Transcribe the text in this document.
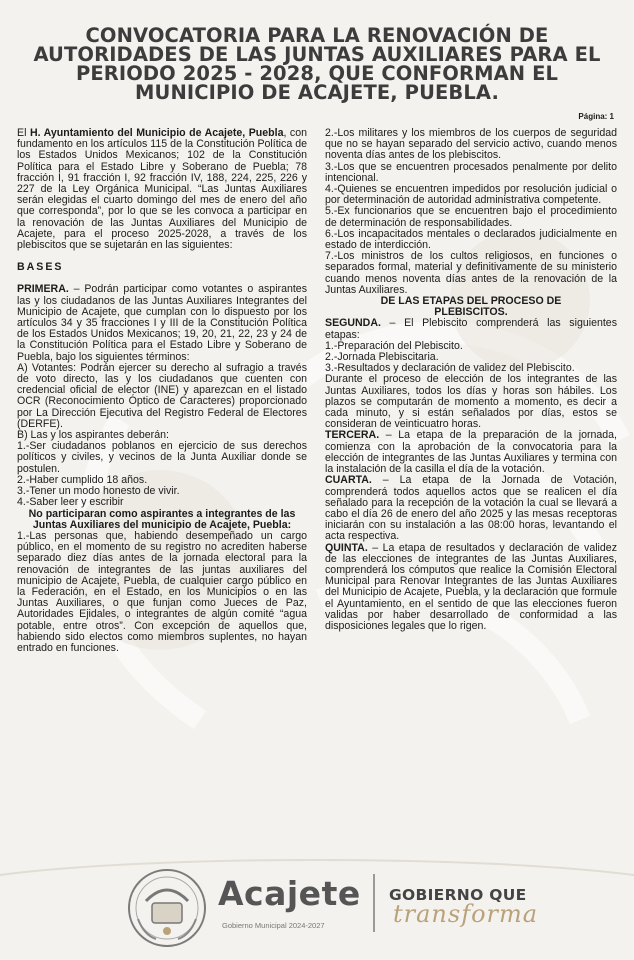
CONVOCATORIA PARA LA RENOVACIÓN DE
AUTORIDADES DE LAS JUNTAS AUXILIARES PARA EL
PERIODO 2025 - 2028, QUE CONFORMAN EL
MUNICIPIO DE ACAJETE, PUEBLA.
Página: 1

El H. Ayuntamiento del Municipio de Acajete, Puebla, con fundamento en los artículos 115 de la Constitución Política de los Estados Unidos Mexicanos; 102 de la Constitución Política para el Estado Libre y Soberano de Puebla; 78 fracción I, 91 fracción I, 92 fracción IV, 188, 224, 225, 226 y 227 de la Ley Orgánica Municipal. “Las Juntas Auxiliares serán elegidas el cuarto domingo del mes de enero del año que corresponda”, por lo que se les convoca a participar en la renovación de las Juntas Auxiliares del Municipio de Acajete, para el proceso 2025-2028, a través de los plebiscitos que se sujetarán en las siguientes:

BASES

PRIMERA. – Podrán participar como votantes o aspirantes las y los ciudadanos de las Juntas Auxiliares Integrantes del Municipio de Acajete, que cumplan con lo dispuesto por los artículos 34 y 35 fracciones I y III de la Constitución Política de los Estados Unidos Mexicanos; 19, 20, 21, 22, 23 y 24 de la Constitución Política para el Estado Libre y Soberano de Puebla, bajo los siguientes términos:

A) Votantes: Podrán ejercer su derecho al sufragio a través de voto directo, las y los ciudadanos que cuenten con credencial oficial de elector (INE) y aparezcan en el listado OCR (Reconocimiento Óptico de Caracteres) proporcionado por La Dirección Ejecutiva del Registro Federal de Electores (DERFE).

B) Las y los aspirantes deberán:

1.-Ser ciudadanos poblanos en ejercicio de sus derechos políticos y civiles, y vecinos de la Junta Auxiliar donde se postulen.

2.-Haber cumplido 18 años.

3.-Tener un modo honesto de vivir.

4.-Saber leer y escribir

No participaran como aspirantes a integrantes de las Juntas Auxiliares del municipio de Acajete, Puebla:

1.-Las personas que, habiendo desempeñado un cargo público, en el momento de su registro no acrediten haberse separado diez días antes de la jornada electoral para la renovación de integrantes de las juntas auxiliares del municipio de Acajete, Puebla, de cualquier cargo público en la Federación, en el Estado, en los Municipios o en las Juntas Auxiliares, o que funjan como Jueces de Paz, Autoridades Ejidales, o integrantes de algún comité “agua potable, entre otros”. Con excepción de aquellos que, habiendo sido electos como miembros suplentes, no hayan entrado en funciones.

2.-Los militares y los miembros de los cuerpos de seguridad que no se hayan separado del servicio activo, cuando menos noventa días antes de los plebiscitos.

3.-Los que se encuentren procesados penalmente por delito intencional.

4.-Quienes se encuentren impedidos por resolución judicial o por determinación de autoridad administrativa competente.

5.-Ex funcionarios que se encuentren bajo el procedimiento de determinación de responsabilidades.

6.-Los incapacitados mentales o declarados judicialmente en estado de interdicción.

7.-Los ministros de los cultos religiosos, en funciones o separados formal, material y definitivamente de su ministerio cuando menos noventa días antes de la renovación de la Juntas Auxiliares.

DE LAS ETAPAS DEL PROCESO DE PLEBISCITOS.

SEGUNDA. – El Plebiscito comprenderá las siguientes etapas:

1.-Preparación del Plebiscito.

2.-Jornada Plebiscitaria.

3.-Resultados y declaración de validez del Plebiscito.

Durante el proceso de elección de los integrantes de las Juntas Auxiliares, todos los días y horas son hábiles. Los plazos se computarán de momento a momento, es decir a cada minuto, y si están señalados por días, estos se consideran de veinticuatro horas.

TERCERA. – La etapa de la preparación de la jornada, comienza con la aprobación de la convocatoria para la elección de integrantes de las Juntas Auxiliares y termina con la instalación de la casilla el día de la votación.

CUARTA. – La etapa de la Jornada de Votación, comprenderá todos aquellos actos que se realicen el día señalado para la recepción de la votación la cual se llevará a cabo el día 26 de enero del año 2025 y las mesas receptoras iniciarán con su instalación a las 08:00 horas, levantando el acta respectiva.

QUINTA. – La etapa de resultados y declaración de validez de las elecciones de integrantes de las Juntas Auxiliares, comprenderá los cómputos que realice la Comisión Electoral Municipal para Renovar Integrantes de las Juntas Auxiliares del Municipio de Acajete, Puebla, y la declaración que formule el Ayuntamiento, en el sentido de que las elecciones fueron validas por haber desarrollado de conformidad a las disposiciones legales que lo rigen.

Acajete
Gobierno Municipal 2024-2027
GOBIERNO QUE
transforma
